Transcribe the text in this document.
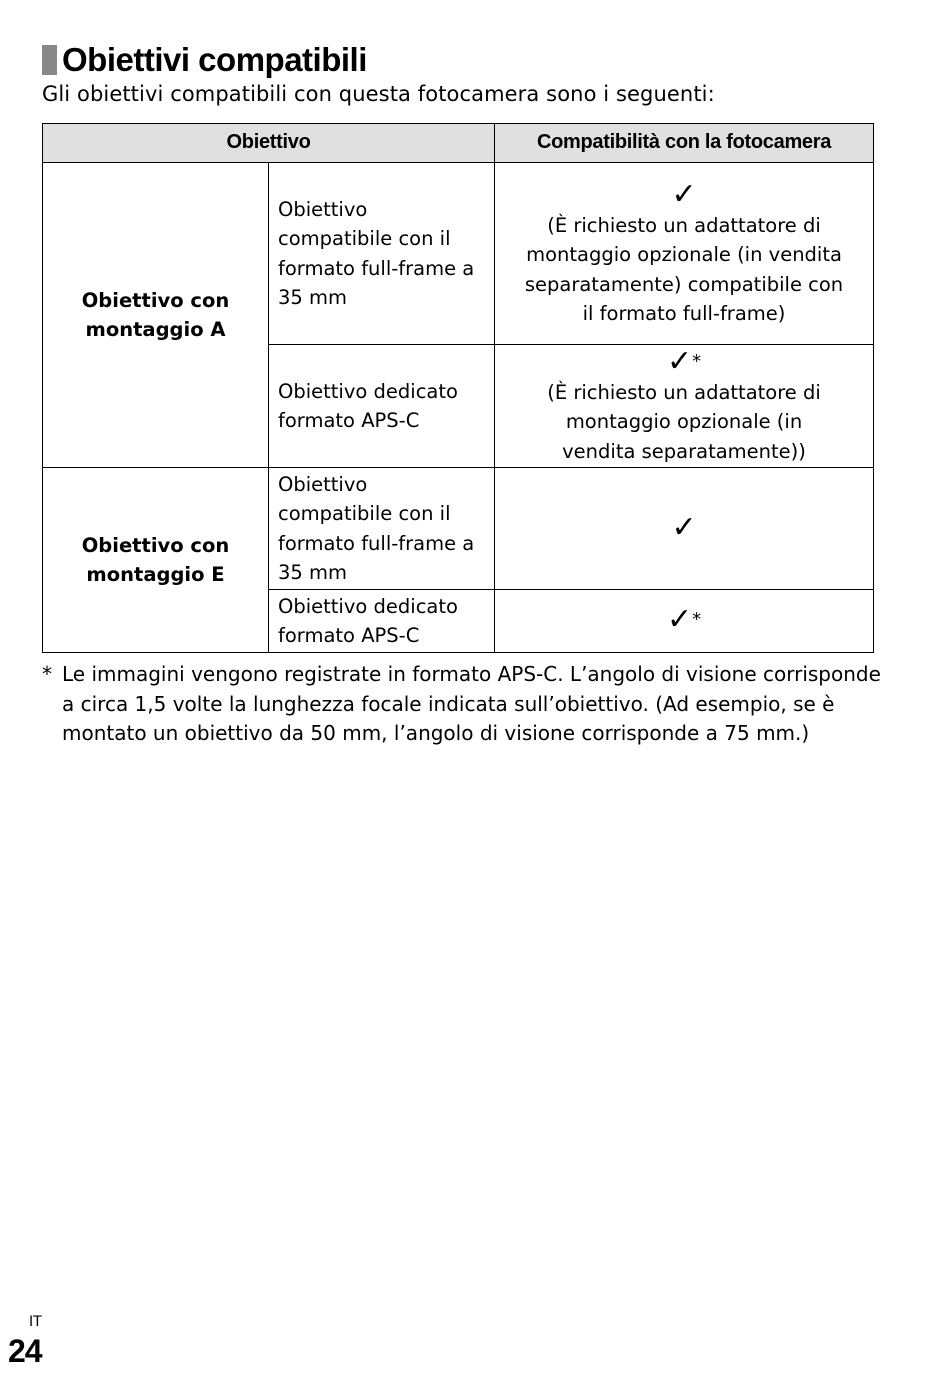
Obiettivi compatibili
Gli obiettivi compatibili con questa fotocamera sono i seguenti:
Obiettivo		Compatibilità con la fotocamera

Obiettivo con montaggio A	Obiettivo compatibile con il formato full-frame a 35 mm	✓
(È richiesto un adattatore di montaggio opzionale (in vendita separatamente) compatibile con il formato full-frame)

	Obiettivo dedicato formato APS-C	✓*
(È richiesto un adattatore di montaggio opzionale (in vendita separatamente))

Obiettivo con montaggio E	Obiettivo compatibile con il formato full-frame a 35 mm	✓

	Obiettivo dedicato formato APS-C	✓*
* Le immagini vengono registrate in formato APS-C. L’angolo di visione corrisponde a circa 1,5 volte la lunghezza focale indicata sull’obiettivo. (Ad esempio, se è montato un obiettivo da 50 mm, l’angolo di visione corrisponde a 75 mm.)
IT
24
